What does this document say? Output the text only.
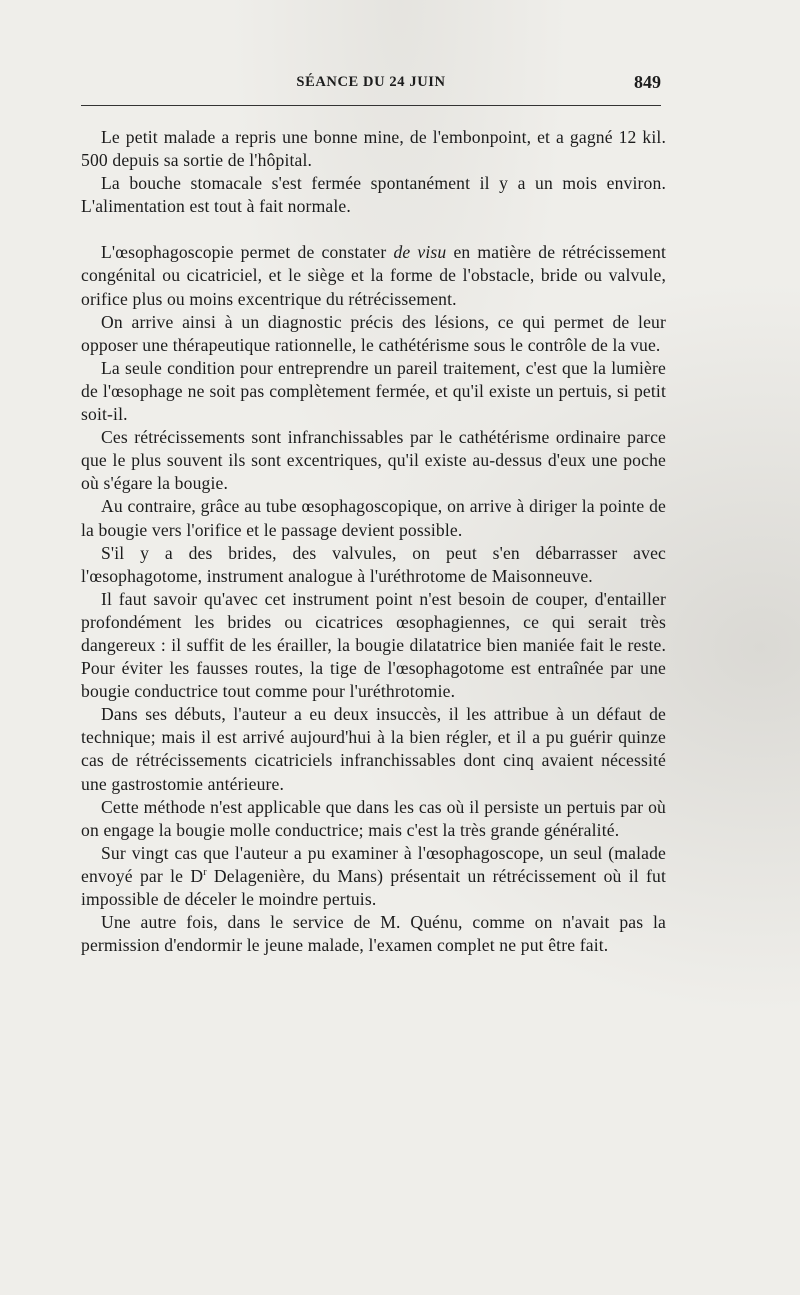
SÉANCE DU 24 JUIN	849

Le petit malade a repris une bonne mine, de l'embonpoint, et a gagné 12 kil. 500 depuis sa sortie de l'hôpital.

La bouche stomacale s'est fermée spontanément il y a un mois environ. L'alimentation est tout à fait normale.

L'œsophagoscopie permet de constater de visu en matière de rétrécissement congénital ou cicatriciel, et le siège et la forme de l'obstacle, bride ou valvule, orifice plus ou moins excentrique du rétrécissement.

On arrive ainsi à un diagnostic précis des lésions, ce qui permet de leur opposer une thérapeutique rationnelle, le cathétérisme sous le contrôle de la vue.

La seule condition pour entreprendre un pareil traitement, c'est que la lumière de l'œsophage ne soit pas complètement fermée, et qu'il existe un pertuis, si petit soit-il.

Ces rétrécissements sont infranchissables par le cathétérisme ordinaire parce que le plus souvent ils sont excentriques, qu'il existe au-dessus d'eux une poche où s'égare la bougie.

Au contraire, grâce au tube œsophagoscopique, on arrive à diriger la pointe de la bougie vers l'orifice et le passage devient possible.

S'il y a des brides, des valvules, on peut s'en débarrasser avec l'œsophagotome, instrument analogue à l'uréthrotome de Maisonneuve.

Il faut savoir qu'avec cet instrument point n'est besoin de couper, d'entailler profondément les brides ou cicatrices œsophagiennes, ce qui serait très dangereux : il suffit de les érailler, la bougie dilatatrice bien maniée fait le reste. Pour éviter les fausses routes, la tige de l'œsophagotome est entraînée par une bougie conductrice tout comme pour l'uréthrotomie.

Dans ses débuts, l'auteur a eu deux insuccès, il les attribue à un défaut de technique; mais il est arrivé aujourd'hui à la bien régler, et il a pu guérir quinze cas de rétrécissements cicatriciels infranchissables dont cinq avaient nécessité une gastrostomie antérieure.

Cette méthode n'est applicable que dans les cas où il persiste un pertuis par où on engage la bougie molle conductrice; mais c'est la très grande généralité.

Sur vingt cas que l'auteur a pu examiner à l'œsophagoscope, un seul (malade envoyé par le $D^r$ Delagenière, du Mans) présentait un rétrécissement où il fut impossible de déceler le moindre pertuis.

Une autre fois, dans le service de M. Quénu, comme on n'avait pas la permission d'endormir le jeune malade, l'examen complet ne put être fait.
